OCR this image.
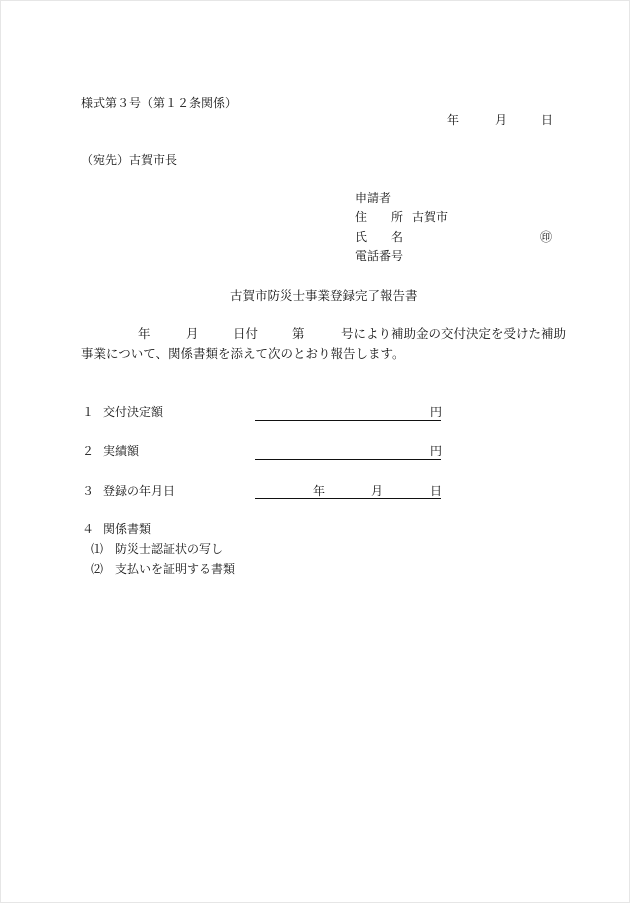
様式第３号（第１２条関係）
年	月	日
（宛先）古賀市長
申請者
住　　所 古賀市
氏　　名	㊞
電話番号
古賀市防災士事業登録完了報告書
年	月	日付	第	号により補助金の交付決定を受けた補助
事業について、関係書類を添えて次のとおり報告します。
１ 交付決定額	円
２ 実績額	円
３ 登録の年月日	年	月	日
４ 関係書類
⑴ 防災士認証状の写し
⑵ 支払いを証明する書類
